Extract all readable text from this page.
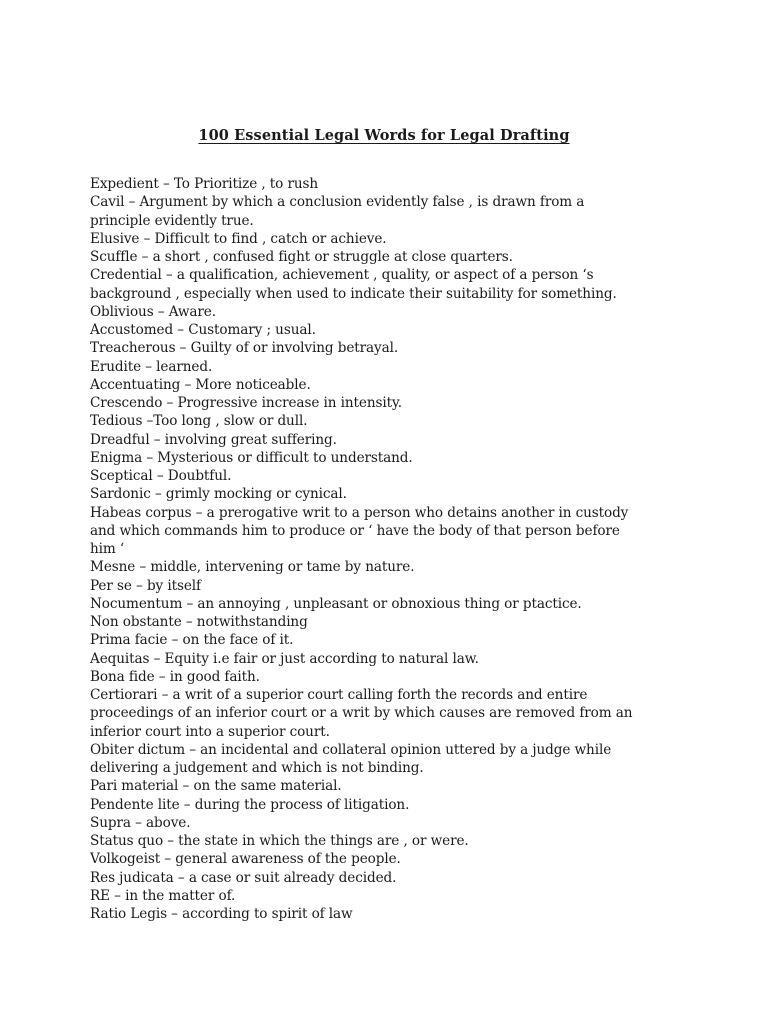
100 Essential Legal Words for Legal Drafting
Expedient – To Prioritize , to rush
Cavil – Argument by which a conclusion evidently false , is drawn from a
principle evidently true.
Elusive – Difficult to find , catch or achieve.
Scuffle – a short , confused fight or struggle at close quarters.
Credential – a qualification, achievement , quality, or aspect of a person ‘s
background , especially when used to indicate their suitability for something.
Oblivious – Aware.
Accustomed – Customary ; usual.
Treacherous – Guilty of or involving betrayal.
Erudite – learned.
Accentuating – More noticeable.
Crescendo – Progressive increase in intensity.
Tedious –Too long , slow or dull.
Dreadful – involving great suffering.
Enigma – Mysterious or difficult to understand.
Sceptical – Doubtful.
Sardonic – grimly mocking or cynical.
Habeas corpus – a prerogative writ to a person who detains another in custody
and which commands him to produce or ‘ have the body of that person before
him ‘
Mesne – middle, intervening or tame by nature.
Per se – by itself
Nocumentum – an annoying , unpleasant or obnoxious thing or ptactice.
Non obstante – notwithstanding
Prima facie – on the face of it.
Aequitas – Equity i.e fair or just according to natural law.
Bona fide – in good faith.
Certiorari – a writ of a superior court calling forth the records and entire
proceedings of an inferior court or a writ by which causes are removed from an
inferior court into a superior court.
Obiter dictum – an incidental and collateral opinion uttered by a judge while
delivering a judgement and which is not binding.
Pari material – on the same material.
Pendente lite – during the process of litigation.
Supra – above.
Status quo – the state in which the things are , or were.
Volkogeist – general awareness of the people.
Res judicata – a case or suit already decided.
RE – in the matter of.
Ratio Legis – according to spirit of law
